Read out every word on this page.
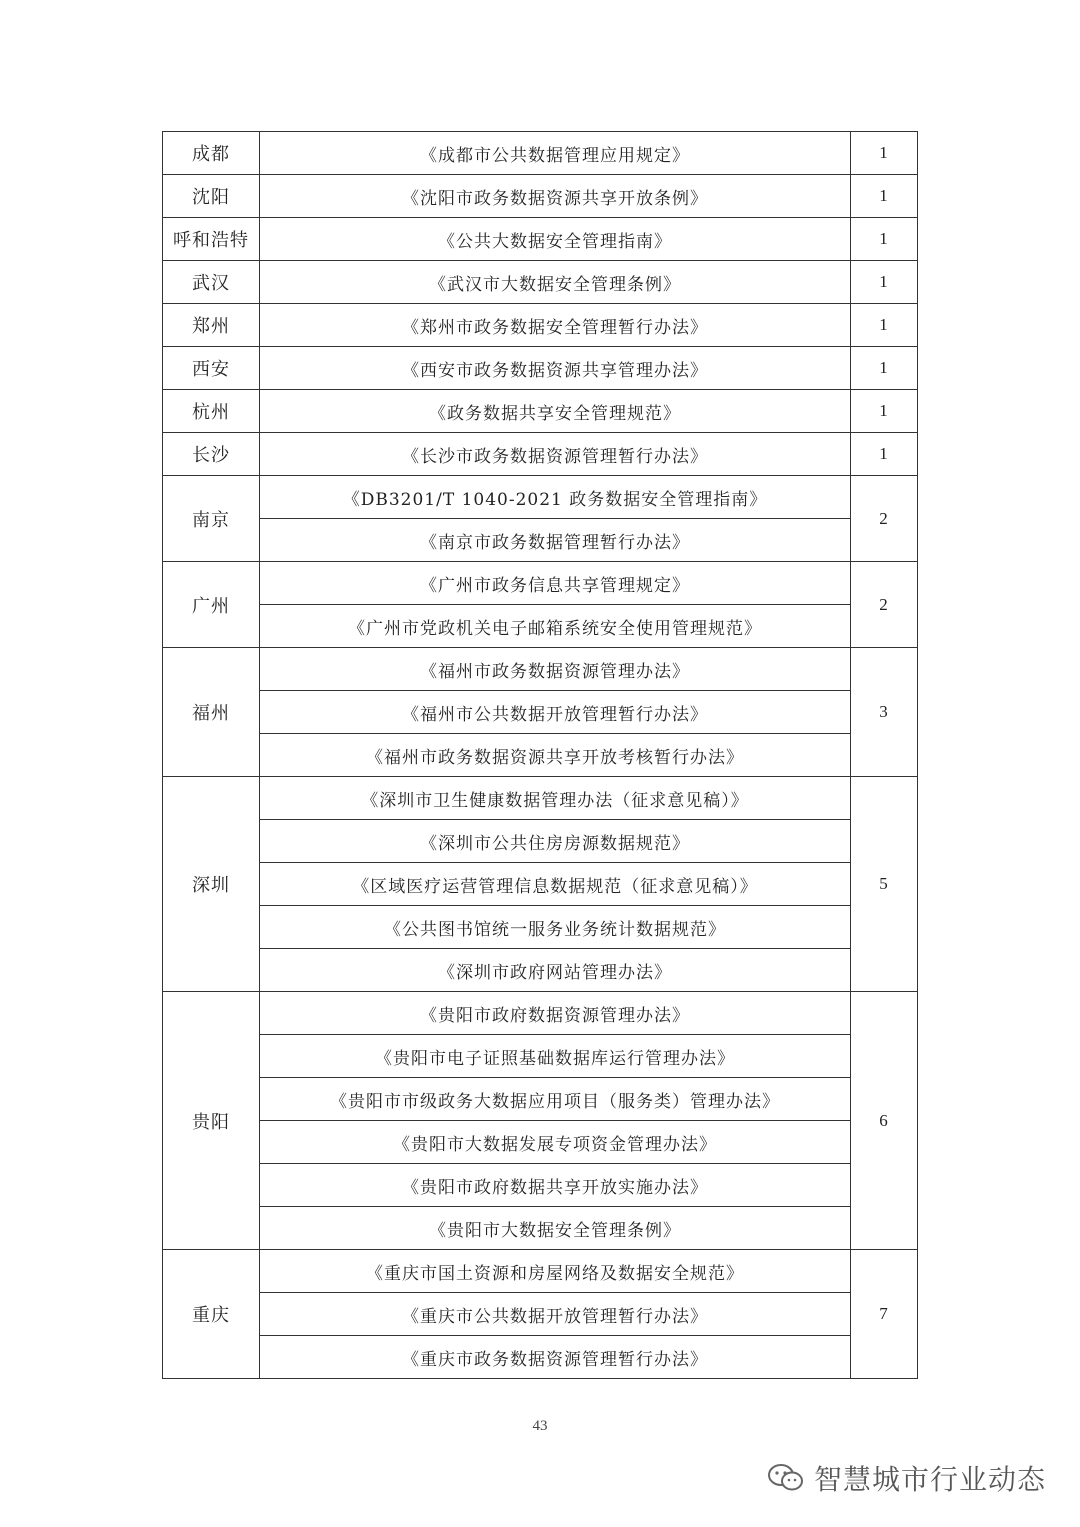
成都	《成都市公共数据管理应用规定》	1
沈阳	《沈阳市政务数据资源共享开放条例》	1
呼和浩特	《公共大数据安全管理指南》	1
武汉	《武汉市大数据安全管理条例》	1
郑州	《郑州市政务数据安全管理暂行办法》	1
西安	《西安市政务数据资源共享管理办法》	1
杭州	《政务数据共享安全管理规范》	1
长沙	《长沙市政务数据资源管理暂行办法》	1
南京	《DB3201/T 1040-2021 政务数据安全管理指南》	2
	《南京市政务数据管理暂行办法》	
广州	《广州市政务信息共享管理规定》	2
	《广州市党政机关电子邮箱系统安全使用管理规范》	
福州	《福州市政务数据资源管理办法》	3
	《福州市公共数据开放管理暂行办法》	
	《福州市政务数据资源共享开放考核暂行办法》	
深圳	《深圳市卫生健康数据管理办法（征求意见稿）》	5
	《深圳市公共住房房源数据规范》	
	《区域医疗运营管理信息数据规范（征求意见稿）》	
	《公共图书馆统一服务业务统计数据规范》	
	《深圳市政府网站管理办法》	
贵阳	《贵阳市政府数据资源管理办法》	6
	《贵阳市电子证照基础数据库运行管理办法》	
	《贵阳市市级政务大数据应用项目（服务类）管理办法》	
	《贵阳市大数据发展专项资金管理办法》	
	《贵阳市政府数据共享开放实施办法》	
	《贵阳市大数据安全管理条例》	
重庆	《重庆市国土资源和房屋网络及数据安全规范》	7
	《重庆市公共数据开放管理暂行办法》	
	《重庆市政务数据资源管理暂行办法》	
43
智慧城市行业动态
